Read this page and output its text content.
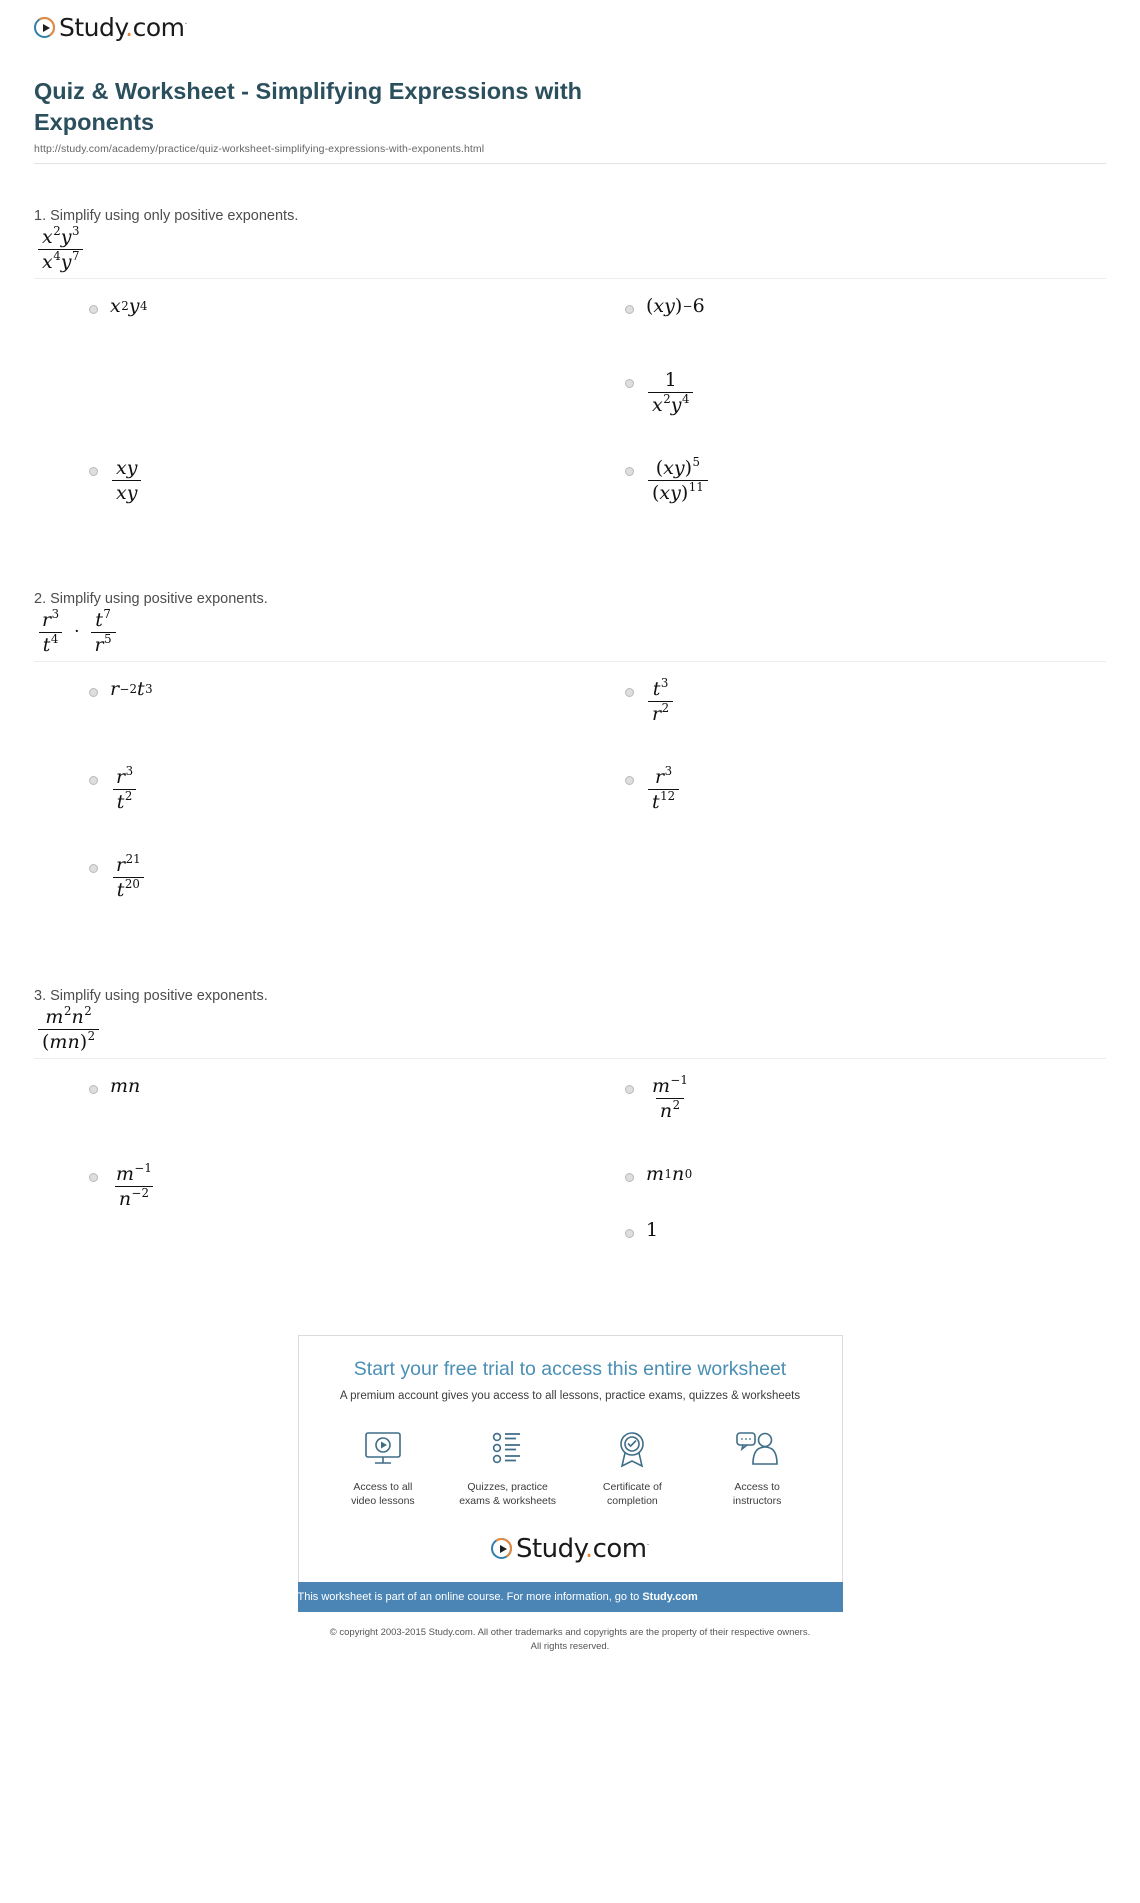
Study.com·
Quiz & Worksheet - Simplifying Expressions with Exponents
http://study.com/academy/practice/quiz-worksheet-simplifying-expressions-with-exponents.html
1. Simplify using only positive exponents.
$\frac{x^2y^3}{x^4y^7}$
x 2 y 4
$\frac{xy}{xy}$
( x y ) − 6
$\frac{1}{x^2y^4}$
$\frac{(xy)^5}{(xy)^{11}}$
2. Simplify using positive exponents.
$\frac{r^3}{t^4} \cdot \frac{t^7}{r^5}$
r −2 t 3
$\frac{r^3}{t^2}$
$\frac{r^{21}}{t^{20}}$
$\frac{t^3}{r^2}$
$\frac{r^3}{t^{12}}$
3. Simplify using positive exponents.
$\frac{m^2n^2}{(mn)^2}$
m n
$\frac{m^{-1}}{n^{-2}}$
$\frac{m^{-1}}{n^2}$
m 1 n 0
1
Start your free trial to access this entire worksheet
A premium account gives you access to all lessons, practice exams, quizzes & worksheets
Access to all
video lessons
Quizzes, practice
exams & worksheets
Certificate of
completion
Access to
instructors
Study.com·
This worksheet is part of an online course. For more information, go to Study.com
© copyright 2003-2015 Study.com. All other trademarks and copyrights are the property of their respective owners.
All rights reserved.
